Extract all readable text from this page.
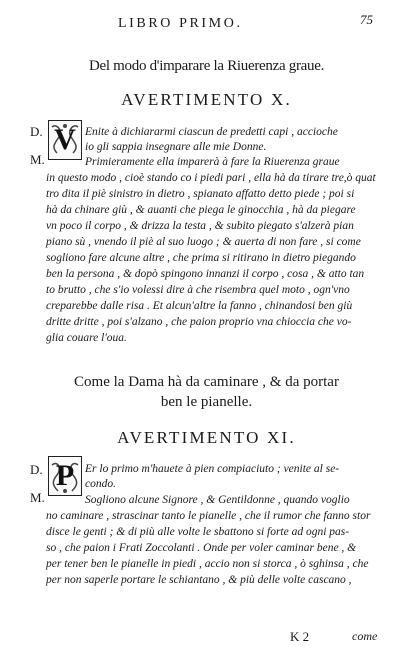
LIBRO PRIMO.	75
Del modo d'imparare la Riuerenza graue.
AVERTIMENTO X.
D.
M.
V Enite à dichiararmi ciascun de predetti capi , accioche
io gli sappia insegnare alle mie Donne.
Primieramente ella imparerà à fare la Riuerenza graue
in questo modo , cioè stando co i piedi pari , ella hà da tirare tre,ò quat
tro dita il piè sinistro in dietro , spianato affatto detto piede ; poi si
hà da chinare giù , & auanti che piega le ginocchia , hà da piegare
vn poco il corpo , & drizza la testa , & subito piegato s'alzerà pian
piano sù , vnendo il piè al suo luogo ; & auerta di non fare , si come
sogliono fare alcune altre , che prima si ritirano in dietro piegando
ben la persona , & dopò spingono innanzi il corpo , cosa , & atto tan
to brutto , che s'io volessi dire à che risembra quel moto , ogn'vno
creparebbe dalle risa . Et alcun'altre la fanno , chinandosi ben giù
dritte dritte , poi s'alzano , che paion proprio vna chioccia che vo-
glia couare l'oua.
Come la Dama hà da caminare , & da portar
ben le pianelle.
AVERTIMENTO XI.
D.
M.
P Er lo primo m'hauete à pien compiaciuto ; venite al se-
condo.
Sogliono alcune Signore , & Gentildonne , quando voglio
no caminare , strascinar tanto le pianelle , che il rumor che fanno stor
disce le genti ; & di più alle volte le sbattono si forte ad ogni pas-
so , che paion i Frati Zoccolanti . Onde per voler caminar bene , &
per tener ben le pianelle in piedi , accio non si storca , ò sghinsa , che
per non saperle portare le schiantano , & più delle volte cascano ,
K 2	come
